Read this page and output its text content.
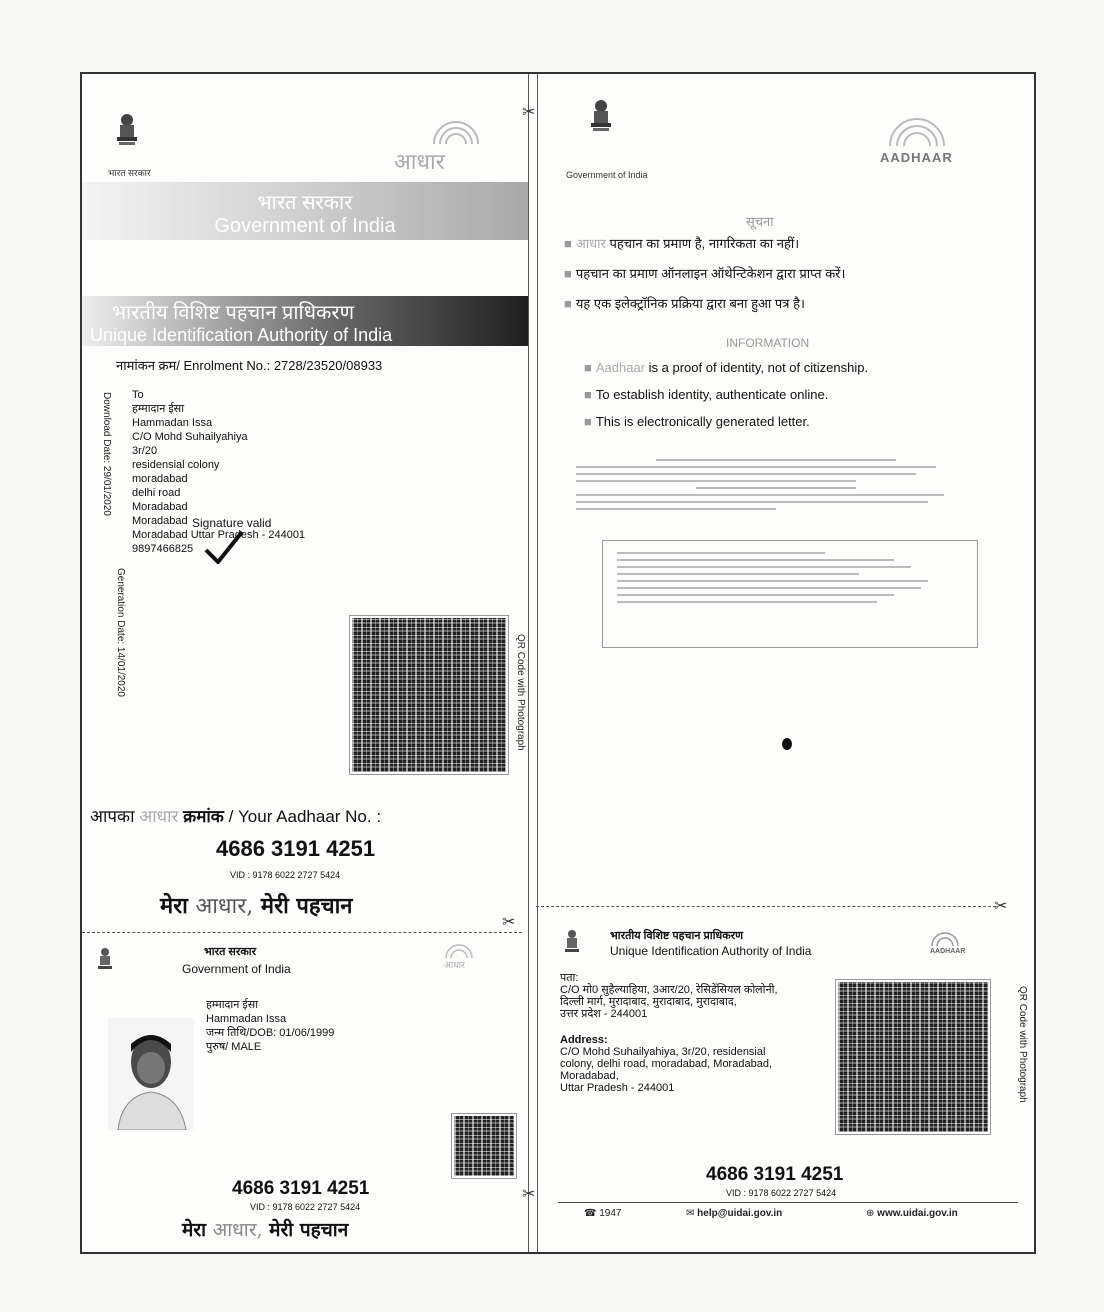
भारत सरकार	आधार
भारत सरकार
Government of India
भारतीय विशिष्ट पहचान प्राधिकरण
Unique Identification Authority of India
नामांकन क्रम/ Enrolment No.: 2728/23520/08933
Download Date: 29/01/2020
Generation Date: 14/01/2020
To
हम्मादान ईसा
Hammadan Issa
C/O Mohd Suhailyahiya
3r/20
residensial colony
moradabad
delhi road
Moradabad
Moradabad
Moradabad Uttar Pradesh - 244001
9897466825
Signature valid
QR Code with Photograph
आपका आधार क्रमांक / Your Aadhaar No. :
4686 3191 4251
VID : 9178 6022 2727 5424
मेरा आधार, मेरी पहचान
भारत सरकार
Government of India	आधार
हम्मादान ईसा
Hammadan Issa
जन्म तिथि/DOB: 01/06/1999
पुरुष/ MALE
4686 3191 4251
VID : 9178 6022 2727 5424
मेरा आधार, मेरी पहचान
✂
✂
✂
✂
Government of India
AADHAAR
सूचना
■ आधार पहचान का प्रमाण है, नागरिकता का नहीं।
■ पहचान का प्रमाण ऑनलाइन ऑथेन्टिकेशन द्वारा प्राप्त करें।
■ यह एक इलेक्ट्रॉनिक प्रक्रिया द्वारा बना हुआ पत्र है।
INFORMATION
■ Aadhaar is a proof of identity, not of citizenship.
■ To establish identity, authenticate online.
■ This is electronically generated letter.
भारतीय विशिष्ट पहचान प्राधिकरण
Unique Identification Authority of India	AADHAAR
पता:
C/O मो0 सुहैल्याहिया, 3आर/20, रेसिडेंसियल कोलोनी,
दिल्ली मार्ग, मुरादाबाद, मुरादाबाद, मुरादाबाद,
उत्तर प्रदेश - 244001
Address:
C/O Mohd Suhailyahiya, 3r/20, residensial
colony, delhi road, moradabad, Moradabad,
Moradabad,
Uttar Pradesh - 244001	QR Code with Photograph
4686 3191 4251
VID : 9178 6022 2727 5424
☎ 1947	✉ help@uidai.gov.in	⊕ www.uidai.gov.in
